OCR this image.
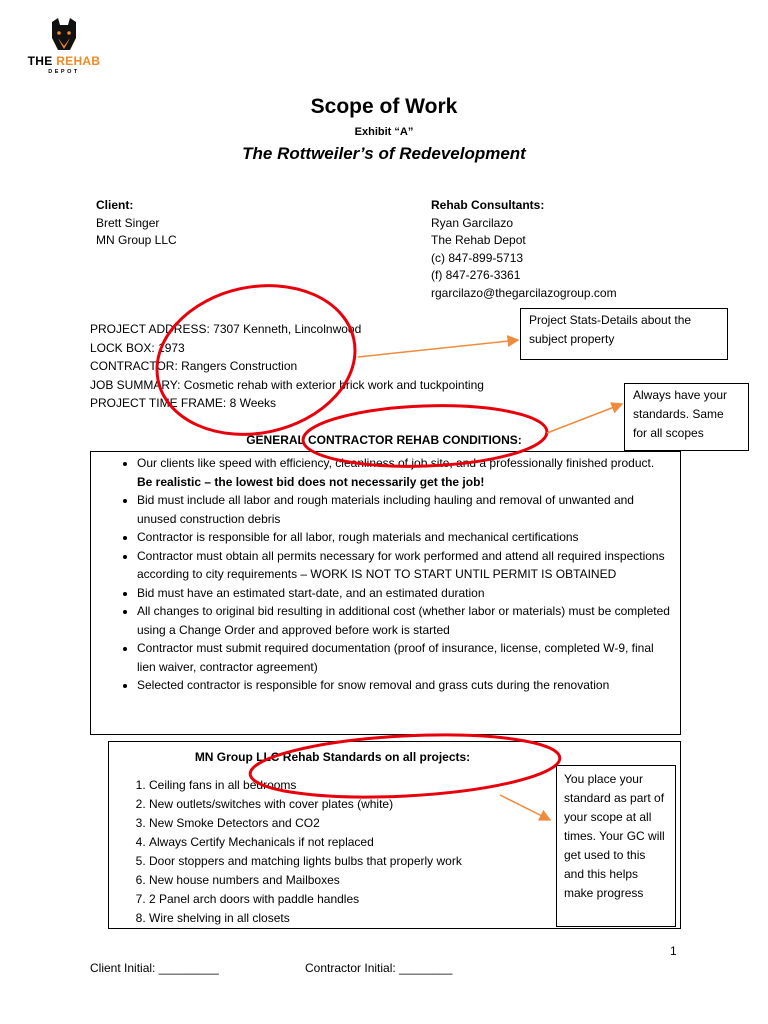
THE REHAB
DEPOT
Scope of Work
Exhibit “A”
The Rottweiler’s of Redevelopment
Client:
Brett Singer
MN Group LLC
Rehab Consultants:
Ryan Garcilazo
The Rehab Depot
(c) 847-899-5713
(f) 847-276-3361
rgarcilazo@thegarcilazogroup.com
PROJECT ADDRESS: 7307 Kenneth, Lincolnwood
LOCK BOX: 1973
CONTRACTOR: Rangers Construction
JOB SUMMARY: Cosmetic rehab with exterior brick work and tuckpointing
PROJECT TIME FRAME: 8 Weeks
Project Stats-Details about the subject property
Always have your standards. Same for all scopes
GENERAL CONTRACTOR REHAB CONDITIONS:
• Our clients like speed with efficiency, cleanliness of job site, and a professionally finished product. Be realistic – the lowest bid does not necessarily get the job!
• Bid must include all labor and rough materials including hauling and removal of unwanted and unused construction debris
• Contractor is responsible for all labor, rough materials and mechanical certifications
• Contractor must obtain all permits necessary for work performed and attend all required inspections according to city requirements – WORK IS NOT TO START UNTIL PERMIT IS OBTAINED
• Bid must have an estimated start-date, and an estimated duration
• All changes to original bid resulting in additional cost (whether labor or materials) must be completed using a Change Order and approved before work is started
• Contractor must submit required documentation (proof of insurance, license, completed W-9, final lien waiver, contractor agreement)
• Selected contractor is responsible for snow removal and grass cuts during the renovation
MN Group LLC Rehab Standards on all projects:
1. Ceiling fans in all bedrooms
2. New outlets/switches with cover plates (white)
3. New Smoke Detectors and CO2
4. Always Certify Mechanicals if not replaced
5. Door stoppers and matching lights bulbs that properly work
6. New house numbers and Mailboxes
7. 2 Panel arch doors with paddle handles
8. Wire shelving in all closets
You place your standard as part of your scope at all times. Your GC will get used to this and this helps make progress
1
Client Initial: _________	Contractor Initial: ________
